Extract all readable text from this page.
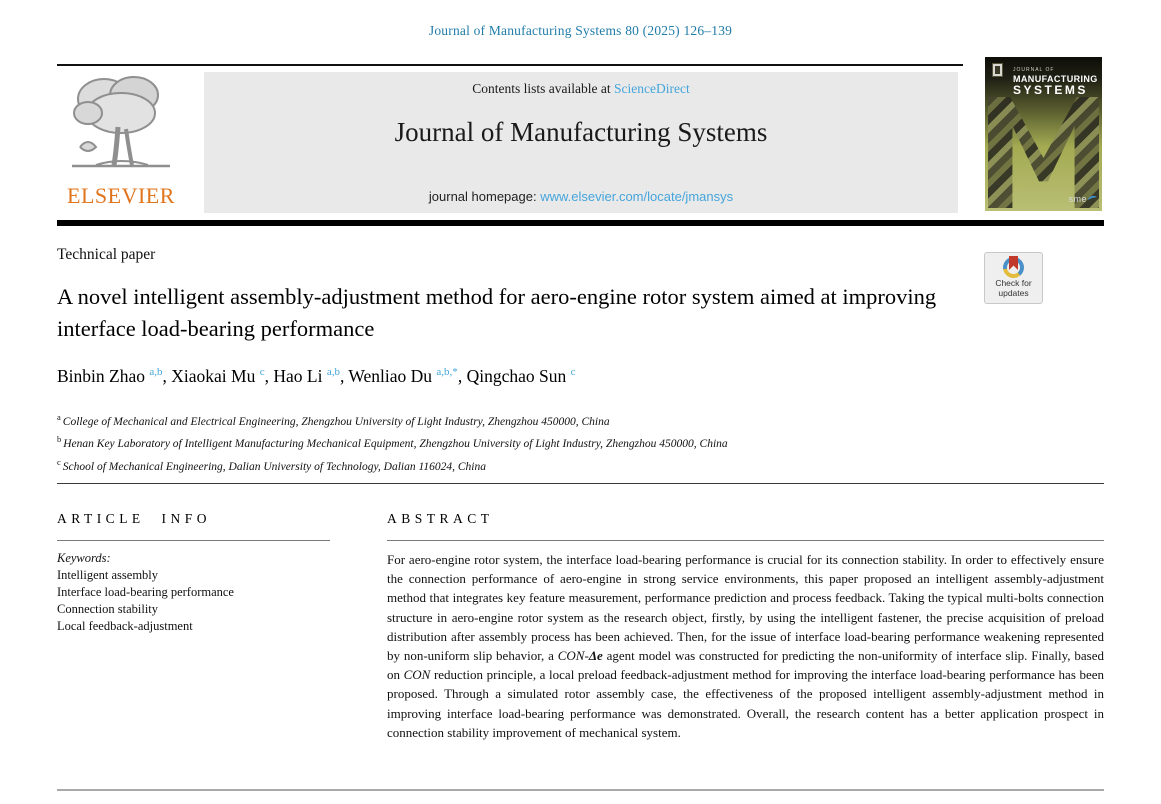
Journal of Manufacturing Systems 80 (2025) 126–139
ELSEVIER
Contents lists available at ScienceDirect
Journal of Manufacturing Systems
journal homepage: www.elsevier.com/locate/jmansys
JOURNAL OF
MANUFACTURING
SYSTEMS
sme
Technical paper
A novel intelligent assembly-adjustment method for aero-engine rotor system aimed at improving interface load-bearing performance
Check for
updates
Binbin Zhao $^{a,b}$, Xiaokai Mu $^c$, Hao Li $^{a,b}$, Wenliao Du $^{a,b,*}$, Qingchao Sun $^c$
$^a$ College of Mechanical and Electrical Engineering, Zhengzhou University of Light Industry, Zhengzhou 450000, China
$^b$ Henan Key Laboratory of Intelligent Manufacturing Mechanical Equipment, Zhengzhou University of Light Industry, Zhengzhou 450000, China
$^c$ School of Mechanical Engineering, Dalian University of Technology, Dalian 116024, China
ARTICLE INFO
Keywords:
Intelligent assembly
Interface load-bearing performance
Connection stability
Local feedback-adjustment
ABSTRACT

For aero-engine rotor system, the interface load-bearing performance is crucial for its connection stability. In order to effectively ensure the connection performance of aero-engine in strong service environments, this paper proposed an intelligent assembly-adjustment method that integrates key feature measurement, performance prediction and process feedback. Taking the typical multi-bolts connection structure in aero-engine rotor system as the research object, firstly, by using the intelligent fastener, the precise acquisition of preload distribution after assembly process has been achieved. Then, for the issue of interface load-bearing performance weakening represented by non-uniform slip behavior, a CON-Δe agent model was constructed for predicting the non-uniformity of interface slip. Finally, based on CON reduction principle, a local preload feedback-adjustment method for improving the interface load-bearing performance has been proposed. Through a simulated rotor assembly case, the effectiveness of the proposed intelligent assembly-adjustment method in improving interface load-bearing performance was demonstrated. Overall, the research content has a better application prospect in connection stability improvement of mechanical system.
